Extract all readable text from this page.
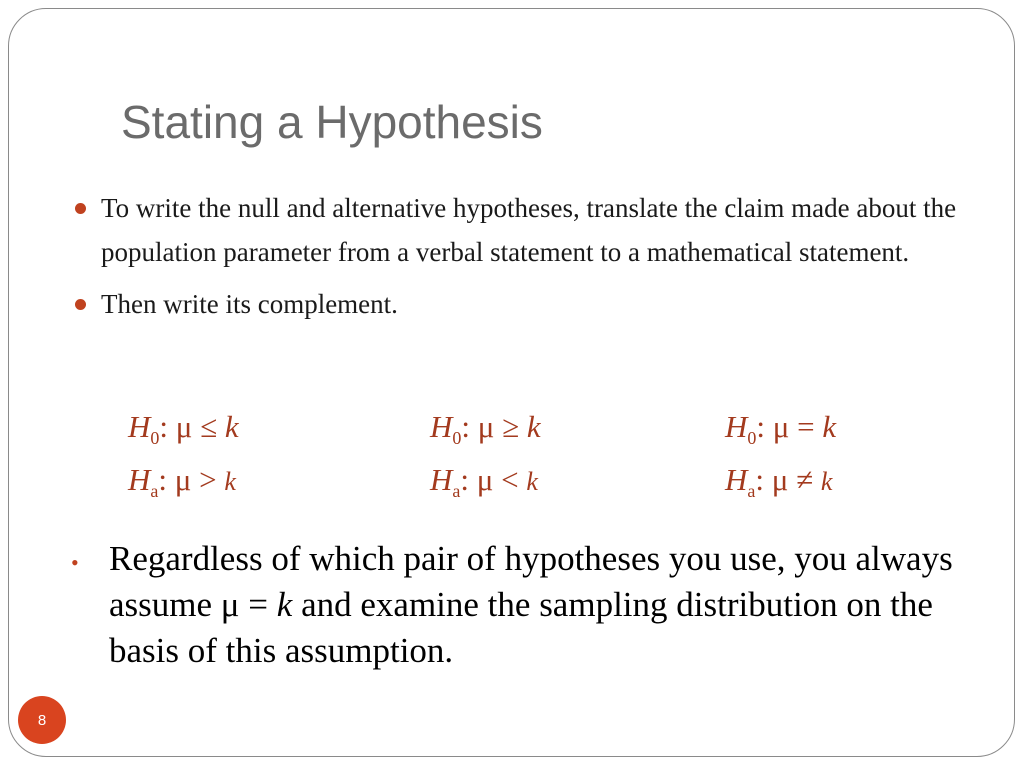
Stating a Hypothesis
To write the null and alternative hypotheses, translate the claim made about the population parameter from a verbal statement to a mathematical statement.
Then write its complement.
$H_0$: μ ≤ k
$H_a$: μ > k
$H_0$: μ ≥ k
$H_a$: μ < k
$H_0$: μ = k
$H_a$: μ ≠ k
• Regardless of which pair of hypotheses you use, you always assume μ = k and examine the sampling distribution on the basis of this assumption.
8
